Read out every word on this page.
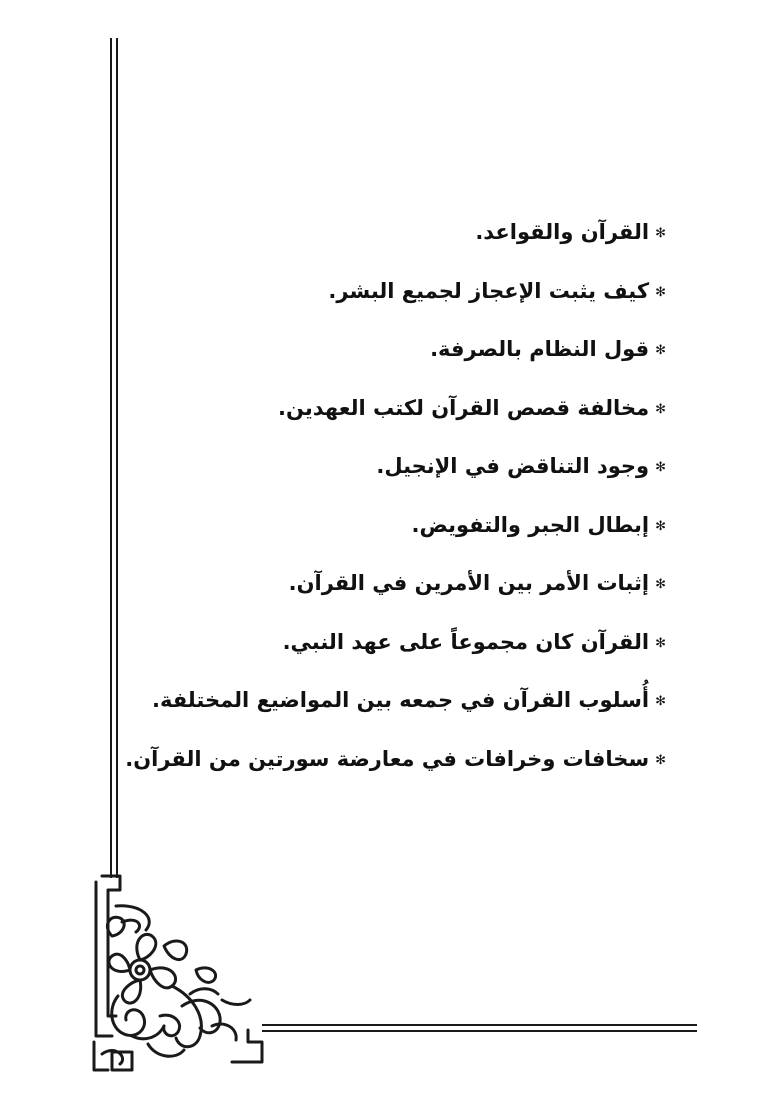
✻القرآن والقواعد.
✻كيف يثبت الإعجاز لجميع البشر.
✻قول النظام بالصرفة.
✻مخالفة قصص القرآن لكتب العهدين.
✻وجود التناقض في الإنجيل.
✻إبطال الجبر والتفويض.
✻إثبات الأمر بين الأمرين في القرآن.
✻القرآن كان مجموعاً على عهد النبي.
✻أُسلوب القرآن في جمعه بين المواضيع المختلفة.
✻سخافات وخرافات في معارضة سورتين من القرآن.
